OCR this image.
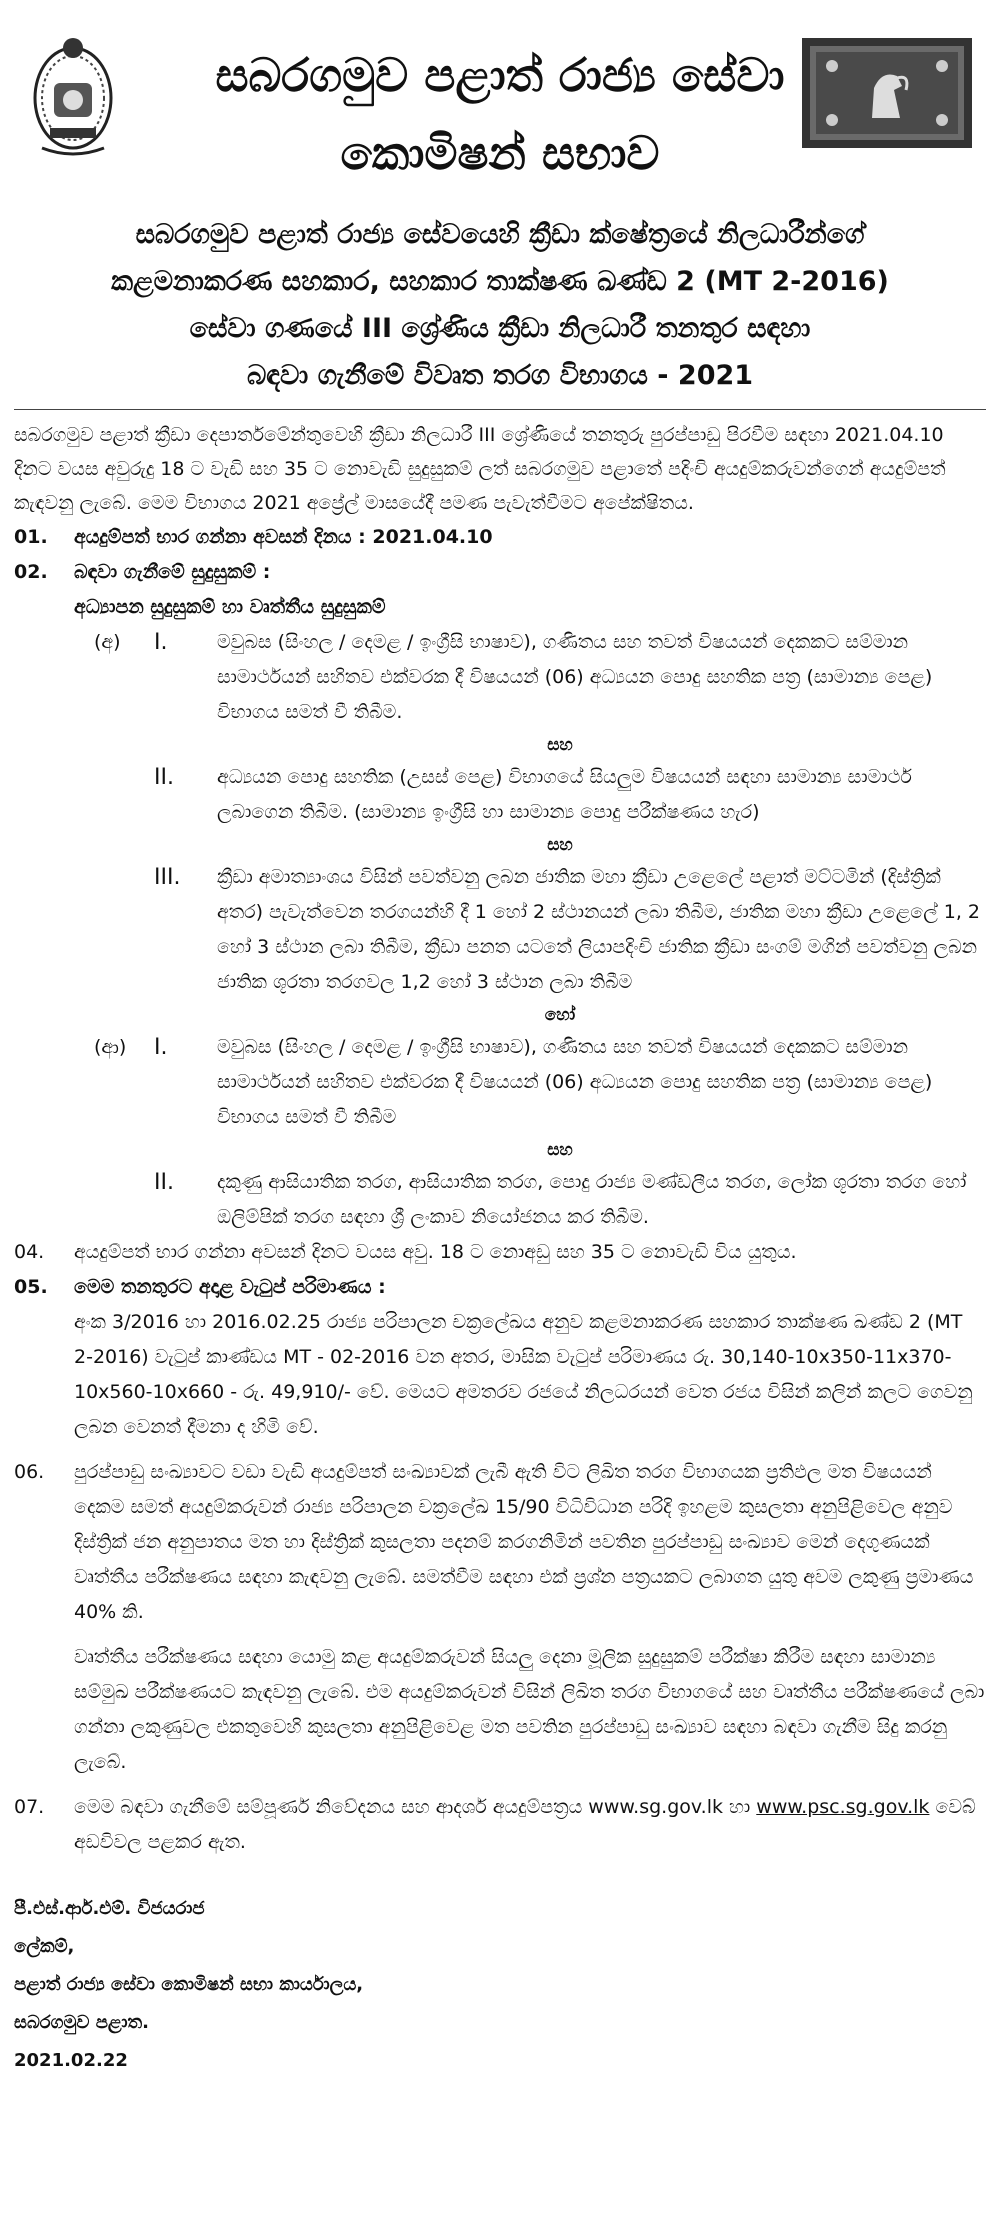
සබරගමුව පළාත් රාජ්‍ය සේවා
කොමිෂන් සභාව
සබරගමුව පළාත් රාජ්‍ය සේවයෙහි ක්‍රීඩා ක්ෂේත්‍රයේ නිලධාරීන්ගේ
කළමනාකරණ සහකාර, සහකාර තාක්ෂණ ඛණ්ඩ 2 (MT 2-2016)
සේවා ගණයේ III ශ්‍රේණිය ක්‍රීඩා නිලධාරී තනතුර සඳහා
බඳවා ගැනීමේ විවෘත තරග විභාගය - 2021
සබරගමුව පළාත් ක්‍රීඩා දෙපාර්තමේන්තුවෙහි ක්‍රීඩා නිලධාරී III ශ්‍රේණියේ තනතුරු පුරප්පාඩු පිරවීම සඳහා 2021.04.10 දිනට වයස අවුරුදු 18 ට වැඩි සහ 35 ට නොවැඩි සුදුසුකම් ලත් සබරගමුව පළාතේ පදිංචි අයදුම්කරුවන්ගෙන් අයදුම්පත් කැඳවනු ලැබේ. මෙම විභාගය 2021 අප්‍රේල් මාසයේදී පමණ පැවැත්වීමට අපේක්ෂිතය.
01. අයදුම්පත් භාර ගන්නා අවසන් දිනය : 2021.04.10
02. බඳවා ගැනීමේ සුදුසුකම් :
අධ්‍යාපන සුදුසුකම් හා වෘත්තීය සුදුසුකම්
(අ) I.	මවුබස (සිංහල / දෙමළ / ඉංග්‍රීසි භාෂාව), ගණිතය සහ තවත් විෂයයන් දෙකකට සම්මාන සාමාර්ථයන් සහිතව එක්වරක දී විෂයයන් (06) අධ්‍යයන පොදු සහතික පත්‍ර (සාමාන්‍ය පෙළ) විභාගය සමත් වී තිබීම.
සහ
II. අධ්‍යයන පොදු සහතික (උසස් පෙළ) විභාගයේ සියලුම විෂයයන් සඳහා සාමාන්‍ය සාමාර්ථ ලබාගෙන තිබීම. (සාමාන්‍ය ඉංග්‍රීසි හා සාමාන්‍ය පොදු පරීක්ෂණය හැර)
සහ
III. ක්‍රීඩා අමාත්‍යාංශය විසින් පවත්වනු ලබන ජාතික මහා ක්‍රීඩා උළෙලේ පළාත් මට්ටමින් (දිස්ත්‍රික් අතර) පැවැත්වෙන තරගයන්හි දී 1 හෝ 2 ස්ථානයන් ලබා තිබීම, ජාතික මහා ක්‍රීඩා උළෙලේ 1, 2 හෝ 3 ස්ථාන ලබා තිබීම, ක්‍රීඩා පනත යටතේ ලියාපදිංචි ජාතික ක්‍රීඩා සංගම් මගින් පවත්වනු ලබන ජාතික ශූරතා තරගවල 1,2 හෝ 3 ස්ථාන ලබා තිබීම
හෝ
(ආ) I.	මවුබස (සිංහල / දෙමළ / ඉංග්‍රීසි භාෂාව), ගණිතය සහ තවත් විෂයයන් දෙකකට සම්මාන සාමාර්ථයන් සහිතව එක්වරක දී විෂයයන් (06) අධ්‍යයන පොදු සහතික පත්‍ර (සාමාන්‍ය පෙළ) විභාගය සමත් වී තිබීම
සහ
II. දකුණු ආසියාතික තරග, ආසියාතික තරග, පොදු රාජ්‍ය මණ්ඩලීය තරග, ලෝක ශූරතා තරග හෝ ඔලිම්පික් තරග සඳහා ශ්‍රී ලංකාව නියෝජනය කර තිබීම.
04. අයදුම්පත් භාර ගන්නා අවසන් දිනට වයස අවු. 18 ට නොඅඩු සහ 35 ට නොවැඩි විය යුතුය.
05. මෙම තනතුරට අදාළ වැටුප් පරිමාණය :
අංක 3/2016 හා 2016.02.25 රාජ්‍ය පරිපාලන චක්‍රලේඛය අනුව කළමනාකරණ සහකාර තාක්ෂණ ඛණ්ඩ 2 (MT 2-2016) වැටුප් කාණ්ඩය MT - 02-2016 වන අතර, මාසික වැටුප් පරිමාණය රු. 30,140-10x350-11x370-10x560-10x660 - රු. 49,910/- වේ. මෙයට අමතරව රජයේ නිලධරයන් වෙත රජය විසින් කලින් කලට ගෙවනු ලබන වෙනත් දීමනා ද හිමි වේ.
06. පුරප්පාඩු සංඛ්‍යාවට වඩා වැඩි අයදුම්පත් සංඛ්‍යාවක් ලැබී ඇති විට ලිඛිත තරග විභාගයක ප්‍රතිඵල මත විෂයයන් දෙකම සමත් අයදුම්කරුවන් රාජ්‍ය පරිපාලන චක්‍රලේඛ 15/90 විධිවිධාන පරිදි ඉහළම කුසලතා අනුපිළිවෙල අනුව දිස්ත්‍රික් ජන අනුපාතය මත හා දිස්ත්‍රික් කුසලතා පදනම් කරගනිමින් පවතින පුරප්පාඩු සංඛ්‍යාව මෙන් දෙගුණයක් වෘත්තීය පරීක්ෂණය සඳහා කැඳවනු ලැබේ. සමත්වීම සඳහා එක් ප්‍රශ්න පත්‍රයකට ලබාගත යුතු අවම ලකුණු ප්‍රමාණය 40% කි.
වෘත්තීය පරීක්ෂණය සඳහා යොමු කළ අයදුම්කරුවන් සියලු දෙනා මූලික සුදුසුකම් පරීක්ෂා කිරීම සඳහා සාමාන්‍ය සම්මුඛ පරීක්ෂණයට කැඳවනු ලැබේ. එම අයදුම්කරුවන් විසින් ලිඛිත තරග විභාගයේ සහ වෘත්තීය පරීක්ෂණයේ ලබා ගන්නා ලකුණුවල එකතුවෙහි කුසලතා අනුපිළිවෙළ මත පවතින පුරප්පාඩු සංඛ්‍යාව සඳහා බඳවා ගැනීම සිදු කරනු ලැබේ.
07. මෙම බඳවා ගැනීමේ සම්පූර්ණ නිවේදනය සහ ආදර්ශ අයදුම්පත්‍රය www.sg.gov.lk හා www.psc.sg.gov.lk වෙබ් අඩවිවල පළකර ඇත.
පී.එස්.ආර්.එම්. විජයරාජ
ලේකම්,
පළාත් රාජ්‍ය සේවා කොමිෂන් සභා කාර්යාලය,
සබරගමුව පළාත.
2021.02.22
